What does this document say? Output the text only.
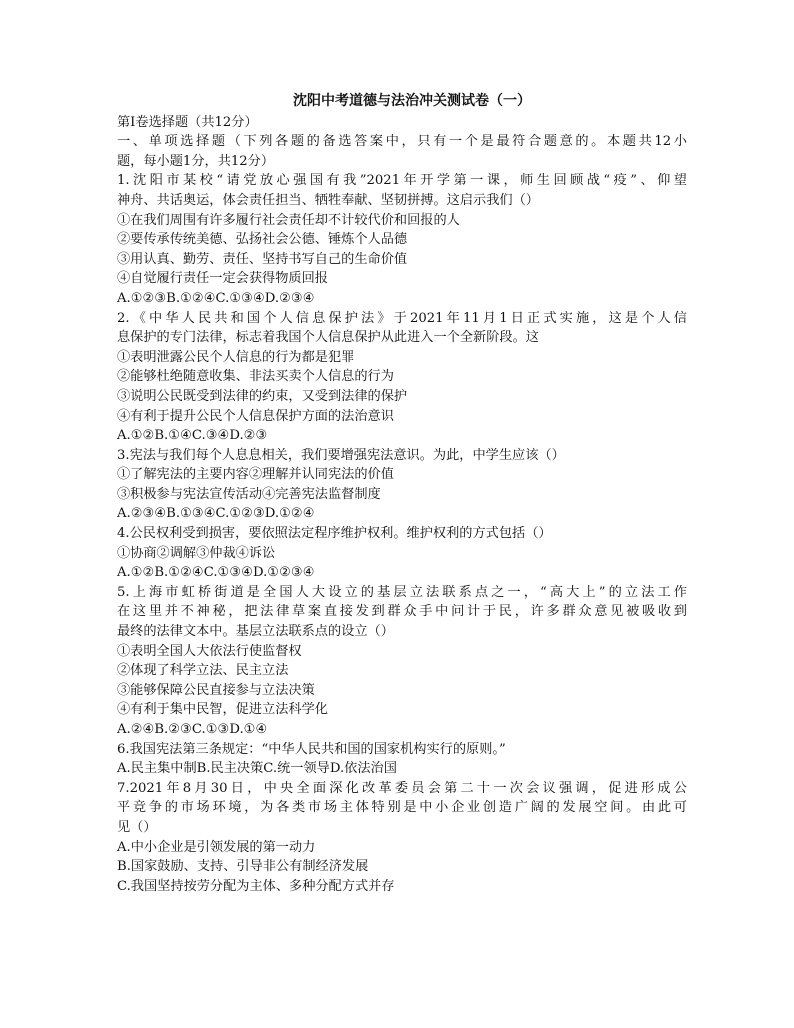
沈阳中考道德与法治冲关测试卷（一）
第Ⅰ卷选择题（共12分）
一、单项选择题（下列各题的备选答案中，只有一个是最符合题意的。本题共12小
题，每小题1分，共12分）
1.沈阳市某校“请党放心强国有我”2021年开学第一课，师生回顾战“疫”、仰望
神舟、共话奥运，体会责任担当、牺牲奉献、坚韧拼搏。这启示我们（）
①在我们周围有许多履行社会责任却不计较代价和回报的人
②要传承传统美德、弘扬社会公德、锤炼个人品德
③用认真、勤劳、责任、坚持书写自己的生命价值
④自觉履行责任一定会获得物质回报
A.①②③B.①②④C.①③④D.②③④
2.《中华人民共和国个人信息保护法》于2021年11月1日正式实施，这是个人信
息保护的专门法律，标志着我国个人信息保护从此进入一个全新阶段。这
①表明泄露公民个人信息的行为都是犯罪
②能够杜绝随意收集、非法买卖个人信息的行为
③说明公民既受到法律的约束，又受到法律的保护
④有利于提升公民个人信息保护方面的法治意识
A.①②B.①④C.③④D.②③
3.宪法与我们每个人息息相关，我们要增强宪法意识。为此，中学生应该（）
①了解宪法的主要内容②理解并认同宪法的价值
③积极参与宪法宣传活动④完善宪法监督制度
A.②③④B.①③④C.①②③D.①②④
4.公民权利受到损害，要依照法定程序维护权利。维护权利的方式包括（）
①协商②调解③仲裁④诉讼
A.①②B.①②④C.①③④D.①②③④
5.上海市虹桥街道是全国人大设立的基层立法联系点之一，“高大上”的立法工作
在这里并不神秘，把法律草案直接发到群众手中问计于民，许多群众意见被吸收到
最终的法律文本中。基层立法联系点的设立（）
①表明全国人大依法行使监督权
②体现了科学立法、民主立法
③能够保障公民直接参与立法决策
④有利于集中民智，促进立法科学化
A.②④B.②③C.①③D.①④
6.我国宪法第三条规定：“中华人民共和国的国家机构实行的原则。”
A.民主集中制B.民主决策C.统一领导D.依法治国
7.2021年8月30日，中央全面深化改革委员会第二十一次会议强调，促进形成公
平竞争的市场环境，为各类市场主体特别是中小企业创造广阔的发展空间。由此可
见（）
A.中小企业是引领发展的第一动力
B.国家鼓励、支持、引导非公有制经济发展
C.我国坚持按劳分配为主体、多种分配方式并存
